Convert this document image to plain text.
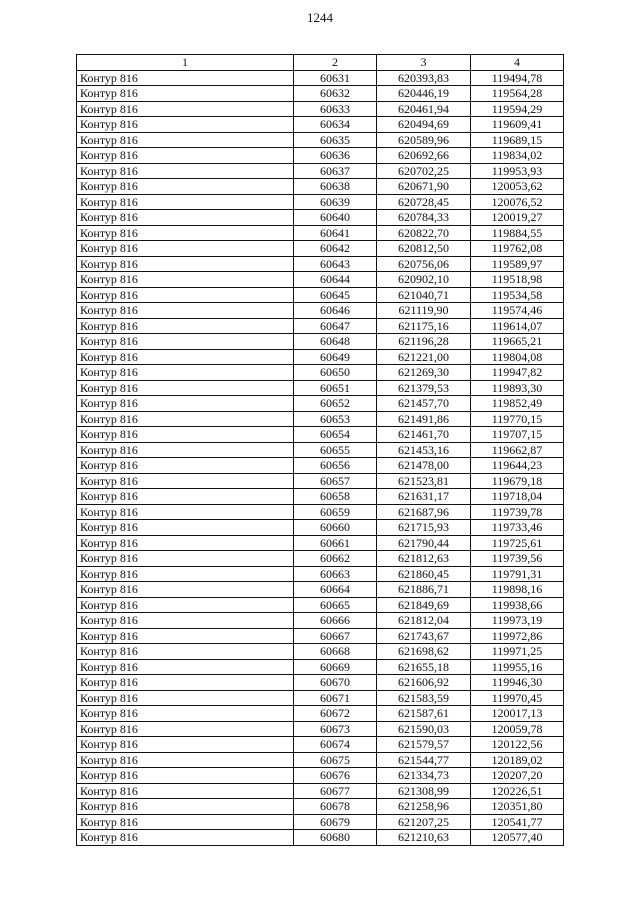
1244
1	2	3	4
Контур 816	60631	620393,83	119494,78
Контур 816	60632	620446,19	119564,28
Контур 816	60633	620461,94	119594,29
Контур 816	60634	620494,69	119609,41
Контур 816	60635	620589,96	119689,15
Контур 816	60636	620692,66	119834,02
Контур 816	60637	620702,25	119953,93
Контур 816	60638	620671,90	120053,62
Контур 816	60639	620728,45	120076,52
Контур 816	60640	620784,33	120019,27
Контур 816	60641	620822,70	119884,55
Контур 816	60642	620812,50	119762,08
Контур 816	60643	620756,06	119589,97
Контур 816	60644	620902,10	119518,98
Контур 816	60645	621040,71	119534,58
Контур 816	60646	621119,90	119574,46
Контур 816	60647	621175,16	119614,07
Контур 816	60648	621196,28	119665,21
Контур 816	60649	621221,00	119804,08
Контур 816	60650	621269,30	119947,82
Контур 816	60651	621379,53	119893,30
Контур 816	60652	621457,70	119852,49
Контур 816	60653	621491,86	119770,15
Контур 816	60654	621461,70	119707,15
Контур 816	60655	621453,16	119662,87
Контур 816	60656	621478,00	119644,23
Контур 816	60657	621523,81	119679,18
Контур 816	60658	621631,17	119718,04
Контур 816	60659	621687,96	119739,78
Контур 816	60660	621715,93	119733,46
Контур 816	60661	621790,44	119725,61
Контур 816	60662	621812,63	119739,56
Контур 816	60663	621860,45	119791,31
Контур 816	60664	621886,71	119898,16
Контур 816	60665	621849,69	119938,66
Контур 816	60666	621812,04	119973,19
Контур 816	60667	621743,67	119972,86
Контур 816	60668	621698,62	119971,25
Контур 816	60669	621655,18	119955,16
Контур 816	60670	621606,92	119946,30
Контур 816	60671	621583,59	119970,45
Контур 816	60672	621587,61	120017,13
Контур 816	60673	621590,03	120059,78
Контур 816	60674	621579,57	120122,56
Контур 816	60675	621544,77	120189,02
Контур 816	60676	621334,73	120207,20
Контур 816	60677	621308,99	120226,51
Контур 816	60678	621258,96	120351,80
Контур 816	60679	621207,25	120541,77
Контур 816	60680	621210,63	120577,40
